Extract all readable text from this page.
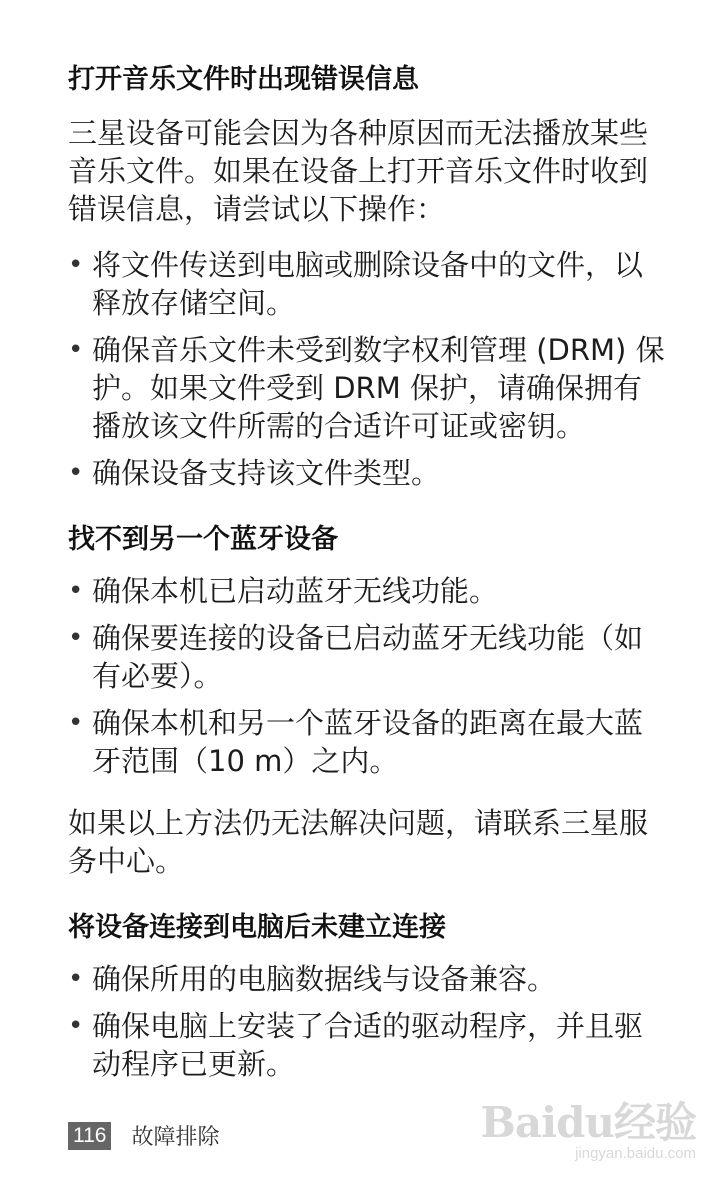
打开音乐文件时出现错误信息

三星设备可能会因为各种原因而无法播放某些音乐文件。如果在设备上打开音乐文件时收到错误信息，请尝试以下操作：

• 将文件传送到电脑或删除设备中的文件，以释放存储空间。
• 确保音乐文件未受到数字权利管理 (DRM) 保护。如果文件受到 DRM 保护，请确保拥有播放该文件所需的合适许可证或密钥。
• 确保设备支持该文件类型。
找不到另一个蓝牙设备
• 确保本机已启动蓝牙无线功能。
• 确保要连接的设备已启动蓝牙无线功能（如有必要）。
• 确保本机和另一个蓝牙设备的距离在最大蓝牙范围（10 m）之内。

如果以上方法仍无法解决问题，请联系三星服务中心。

将设备连接到电脑后未建立连接
• 确保所用的电脑数据线与设备兼容。
• 确保电脑上安装了合适的驱动程序，并且驱动程序已更新。
116 故障排除	Baidu经验
jingyan.baidu.com
